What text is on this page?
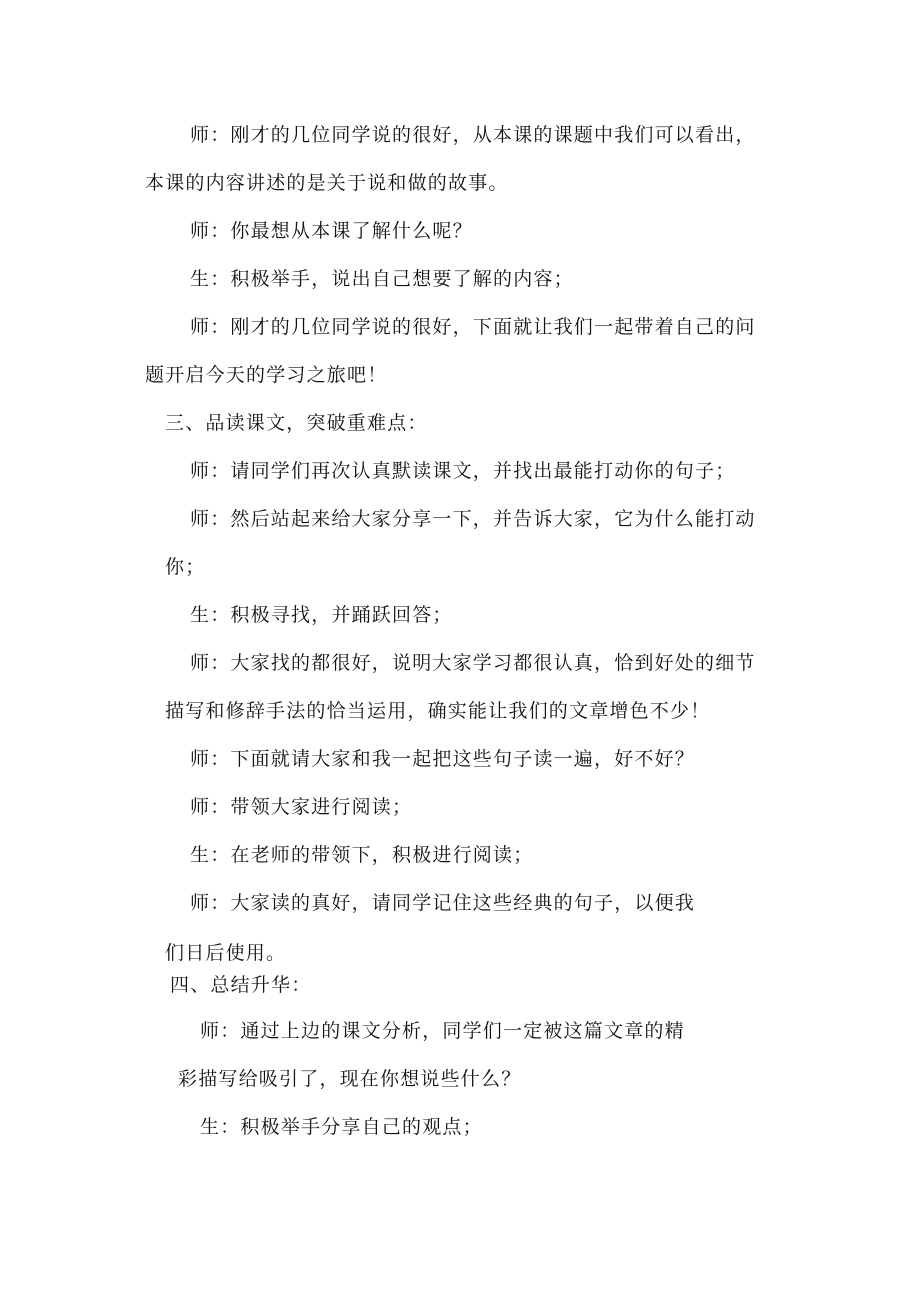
师：刚才的几位同学说的很好，从本课的课题中我们可以看出，
本课的内容讲述的是关于说和做的故事。
师：你最想从本课了解什么呢？
生：积极举手，说出自己想要了解的内容；
师：刚才的几位同学说的很好，下面就让我们一起带着自己的问
题开启今天的学习之旅吧！
三、品读课文，突破重难点：
师：请同学们再次认真默读课文，并找出最能打动你的句子；
师：然后站起来给大家分享一下，并告诉大家，它为什么能打动
你；
生：积极寻找，并踊跃回答；
师：大家找的都很好，说明大家学习都很认真，恰到好处的细节
描写和修辞手法的恰当运用，确实能让我们的文章增色不少！
师：下面就请大家和我一起把这些句子读一遍，好不好？
师：带领大家进行阅读；
生：在老师的带领下，积极进行阅读；
师：大家读的真好，请同学记住这些经典的句子，以便我
们日后使用。
四、总结升华：
师：通过上边的课文分析，同学们一定被这篇文章的精
彩描写给吸引了，现在你想说些什么？
生：积极举手分享自己的观点；
